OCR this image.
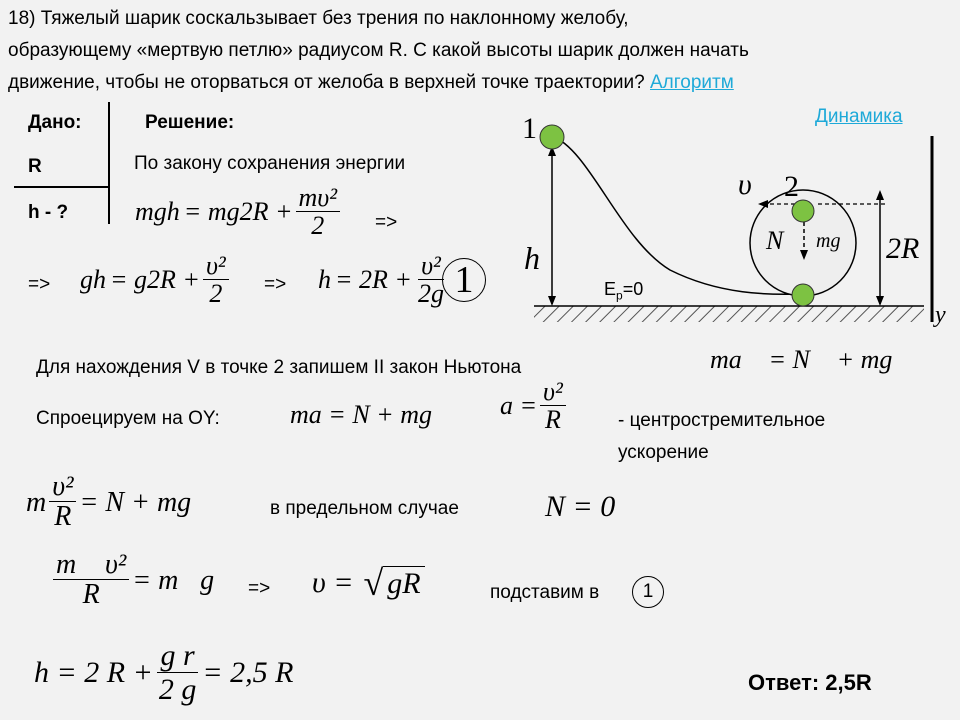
18) Тяжелый шарик соскальзывает без трения по наклонному желобу,
образующему «мертвую петлю» радиусом R. С какой высоты шарик должен начать
движение, чтобы не оторваться от желоба в верхней точке траектории? Алгоритм
Динамика
Дано:
R
h - ?
Решение:
По закону сохранения энергии
mgh = $mg2R + \frac{\text{mυ²}}{2}$ =>
=> gh = $g2R + \frac{\text{υ²}}{2} => h = 2R + \frac{\text{υ²}}{2g} 1$
1
2
υ⃗
h	N⃗ mg⃗ 2R
y
$E_p=0$
Для нахождения V в точке 2 запишем II закон Ньютона	ma⃗ = N⃗ + mg⃗
Спроецируем на OY:	ma = N + mg	$a = \frac{\text{υ²}}{R}$	- центростремительное
ускорение
m $\frac{\text{υ²}}{R} = N$ + mg	в предельном случае	N = 0
$\frac{\text{m⃗ υ²}}{R}$ = m⃗g => υ = √ gR	подставим в	1
h = 2 $R + \frac{\text{g r}}{2 g} = 2,5$ R	Ответ: 2,5R
